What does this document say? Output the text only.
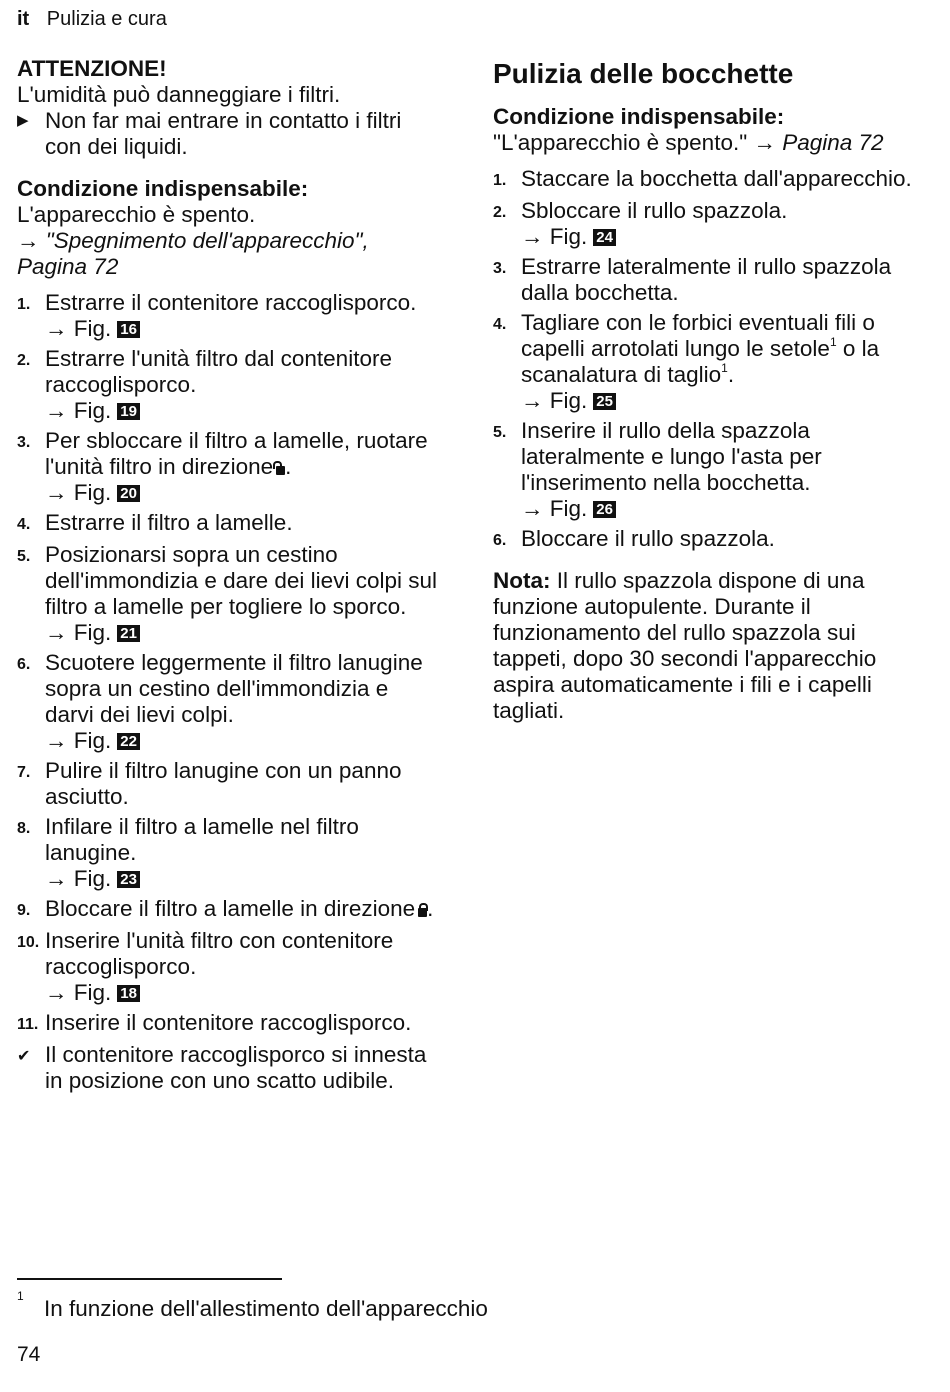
it Pulizia e cura

ATTENZIONE!

L'umidità può danneggiare i filtri.

▶ Non far mai entrare in contatto i filtri con dei liquidi.

Condizione indispensabile: L'apparecchio è spento.

→ "Spegnimento dell'apparecchio", Pagina 72

1. Estrarre il contenitore raccoglisporco.
→ Fig. 16
2. Estrarre l'unità filtro dal contenitore raccoglisporco.
→ Fig. 19
3. Per sbloccare il filtro a lamelle, ruotare l'unità filtro in direzione .
→ Fig. 20
4. Estrarre il filtro a lamelle.
5. Posizionarsi sopra un cestino dell'immondizia e dare dei lievi colpi sul filtro a lamelle per togliere lo sporco.
→ Fig. 21
6. Scuotere leggermente il filtro lanugine sopra un cestino dell'immondizia e darvi dei lievi colpi.
→ Fig. 22
7. Pulire il filtro lanugine con un panno asciutto.
8. Infilare il filtro a lamelle nel filtro lanugine.
→ Fig. 23
9. Bloccare il filtro a lamelle in direzione .
10. Inserire l'unità filtro con contenitore raccoglisporco.
→ Fig. 18
11. Inserire il contenitore raccoglisporco.
✔ Il contenitore raccoglisporco si innesta in posizione con uno scatto udibile.
Pulizia delle bocchette

Condizione indispensabile: "L'apparecchio è spento." → Pagina 72

1. Staccare la bocchetta dall'apparecchio.
2. Sbloccare il rullo spazzola.
→ Fig. 24
3. Estrarre lateralmente il rullo spazzola dalla bocchetta.
4. Tagliare con le forbici eventuali fili o capelli arrotolati lungo le setole$^1$ o la scanalatura di taglio$^1$.
→ Fig. 25
5. Inserire il rullo della spazzola lateralmente e lungo l'asta per l'inserimento nella bocchetta.
→ Fig. 26
6. Bloccare il rullo spazzola.

Nota: Il rullo spazzola dispone di una funzione autopulente. Durante il funzionamento del rullo spazzola sui tappeti, dopo 30 secondi l'apparecchio aspira automaticamente i fili e i capelli tagliati.

1 In funzione dell'allestimento dell'apparecchio
74
